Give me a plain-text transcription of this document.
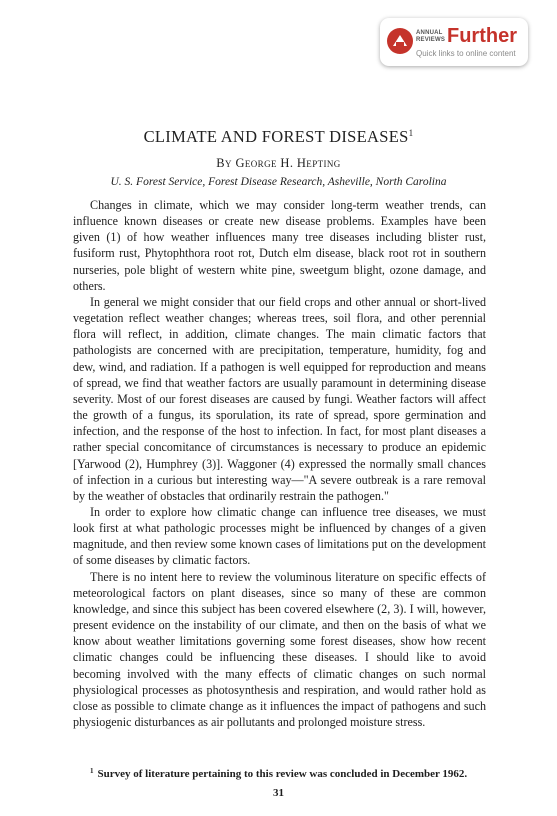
ANNUAL
REVIEWS Further
Quick links to online content
CLIMATE AND FOREST DISEASES$^1$
By George H. Hepting
U. S. Forest Service, Forest Disease Research, Asheville, North Carolina

Changes in climate, which we may consider long-term weather trends, can influence known diseases or create new disease problems. Examples have been given (1) of how weather influences many tree diseases including blister rust, fusiform rust, Phytophthora root rot, Dutch elm disease, black root rot in southern nurseries, pole blight of western white pine, sweetgum blight, ozone damage, and others.

In general we might consider that our field crops and other annual or short-lived vegetation reflect weather changes; whereas trees, soil flora, and other perennial flora will reflect, in addition, climate changes. The main climatic factors that pathologists are concerned with are precipitation, temperature, humidity, fog and dew, wind, and radiation. If a pathogen is well equipped for reproduction and means of spread, we find that weather factors are usually paramount in determining disease severity. Most of our forest diseases are caused by fungi. Weather factors will affect the growth of a fungus, its sporulation, its rate of spread, spore germination and infection, and the response of the host to infection. In fact, for most plant diseases a rather special concomitance of circumstances is necessary to produce an epidemic [Yarwood (2), Humphrey (3)]. Waggoner (4) expressed the normally small chances of infection in a curious but interesting way—"A severe outbreak is a rare removal by the weather of obstacles that ordinarily restrain the pathogen."

In order to explore how climatic change can influence tree diseases, we must look first at what pathologic processes might be influenced by changes of a given magnitude, and then review some known cases of limitations put on the development of some diseases by climatic factors.

There is no intent here to review the voluminous literature on specific effects of meteorological factors on plant diseases, since so many of these are common knowledge, and since this subject has been covered elsewhere (2, 3). I will, however, present evidence on the instability of our climate, and then on the basis of what we know about weather limitations governing some forest diseases, show how recent climatic changes could be influencing these diseases. I should like to avoid becoming involved with the many effects of climatic changes on such normal physiological processes as photosynthesis and respiration, and would rather hold as close as possible to climate change as it influences the impact of pathogens and such physiogenic disturbances as air pollutants and prolonged moisture stress.

$^1$ Survey of literature pertaining to this review was concluded in December 1962.
31
